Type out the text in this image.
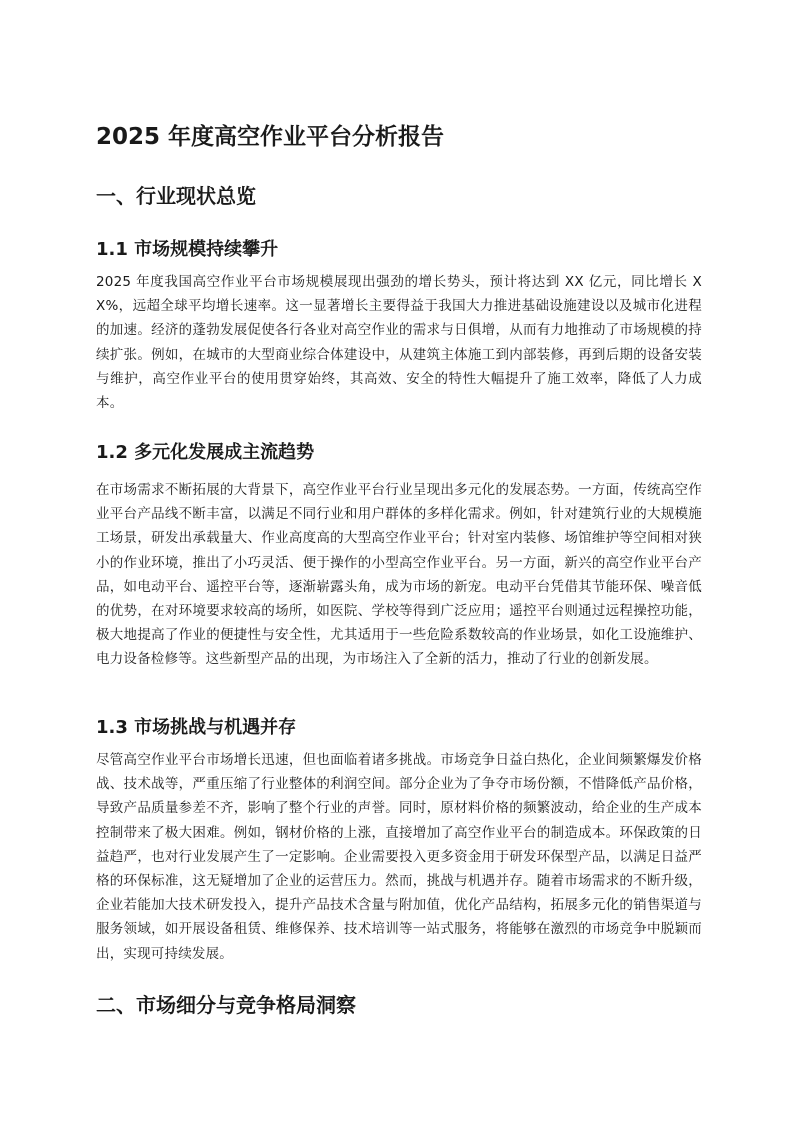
2025 年度高空作业平台分析报告
一、行业现状总览
1.1 市场规模持续攀升

2025 年度我国高空作业平台市场规模展现出强劲的增长势头，预计将达到 XX 亿元，同比增长 XX%，远超全球平均增长速率。这一显著增长主要得益于我国大力推进基础设施建设以及城市化进程的加速。经济的蓬勃发展促使各行各业对高空作业的需求与日俱增，从而有力地推动了市场规模的持续扩张。例如，在城市的大型商业综合体建设中，从建筑主体施工到内部装修，再到后期的设备安装与维护，高空作业平台的使用贯穿始终，其高效、安全的特性大幅提升了施工效率，降低了人力成本。

1.2 多元化发展成主流趋势

在市场需求不断拓展的大背景下，高空作业平台行业呈现出多元化的发展态势。一方面，传统高空作业平台产品线不断丰富，以满足不同行业和用户群体的多样化需求。例如，针对建筑行业的大规模施工场景，研发出承载量大、作业高度高的大型高空作业平台；针对室内装修、场馆维护等空间相对狭小的作业环境，推出了小巧灵活、便于操作的小型高空作业平台。另一方面，新兴的高空作业平台产品，如电动平台、遥控平台等，逐渐崭露头角，成为市场的新宠。电动平台凭借其节能环保、噪音低的优势，在对环境要求较高的场所，如医院、学校等得到广泛应用；遥控平台则通过远程操控功能，极大地提高了作业的便捷性与安全性，尤其适用于一些危险系数较高的作业场景，如化工设施维护、电力设备检修等。这些新型产品的出现，为市场注入了全新的活力，推动了行业的创新发展。

1.3 市场挑战与机遇并存

尽管高空作业平台市场增长迅速，但也面临着诸多挑战。市场竞争日益白热化，企业间频繁爆发价格战、技术战等，严重压缩了行业整体的利润空间。部分企业为了争夺市场份额，不惜降低产品价格，导致产品质量参差不齐，影响了整个行业的声誉。同时，原材料价格的频繁波动，给企业的生产成本控制带来了极大困难。例如，钢材价格的上涨，直接增加了高空作业平台的制造成本。环保政策的日益趋严，也对行业发展产生了一定影响。企业需要投入更多资金用于研发环保型产品，以满足日益严格的环保标准，这无疑增加了企业的运营压力。然而，挑战与机遇并存。随着市场需求的不断升级，企业若能加大技术研发投入，提升产品技术含量与附加值，优化产品结构，拓展多元化的销售渠道与服务领域，如开展设备租赁、维修保养、技术培训等一站式服务，将能够在激烈的市场竞争中脱颖而出，实现可持续发展。

二、市场细分与竞争格局洞察
